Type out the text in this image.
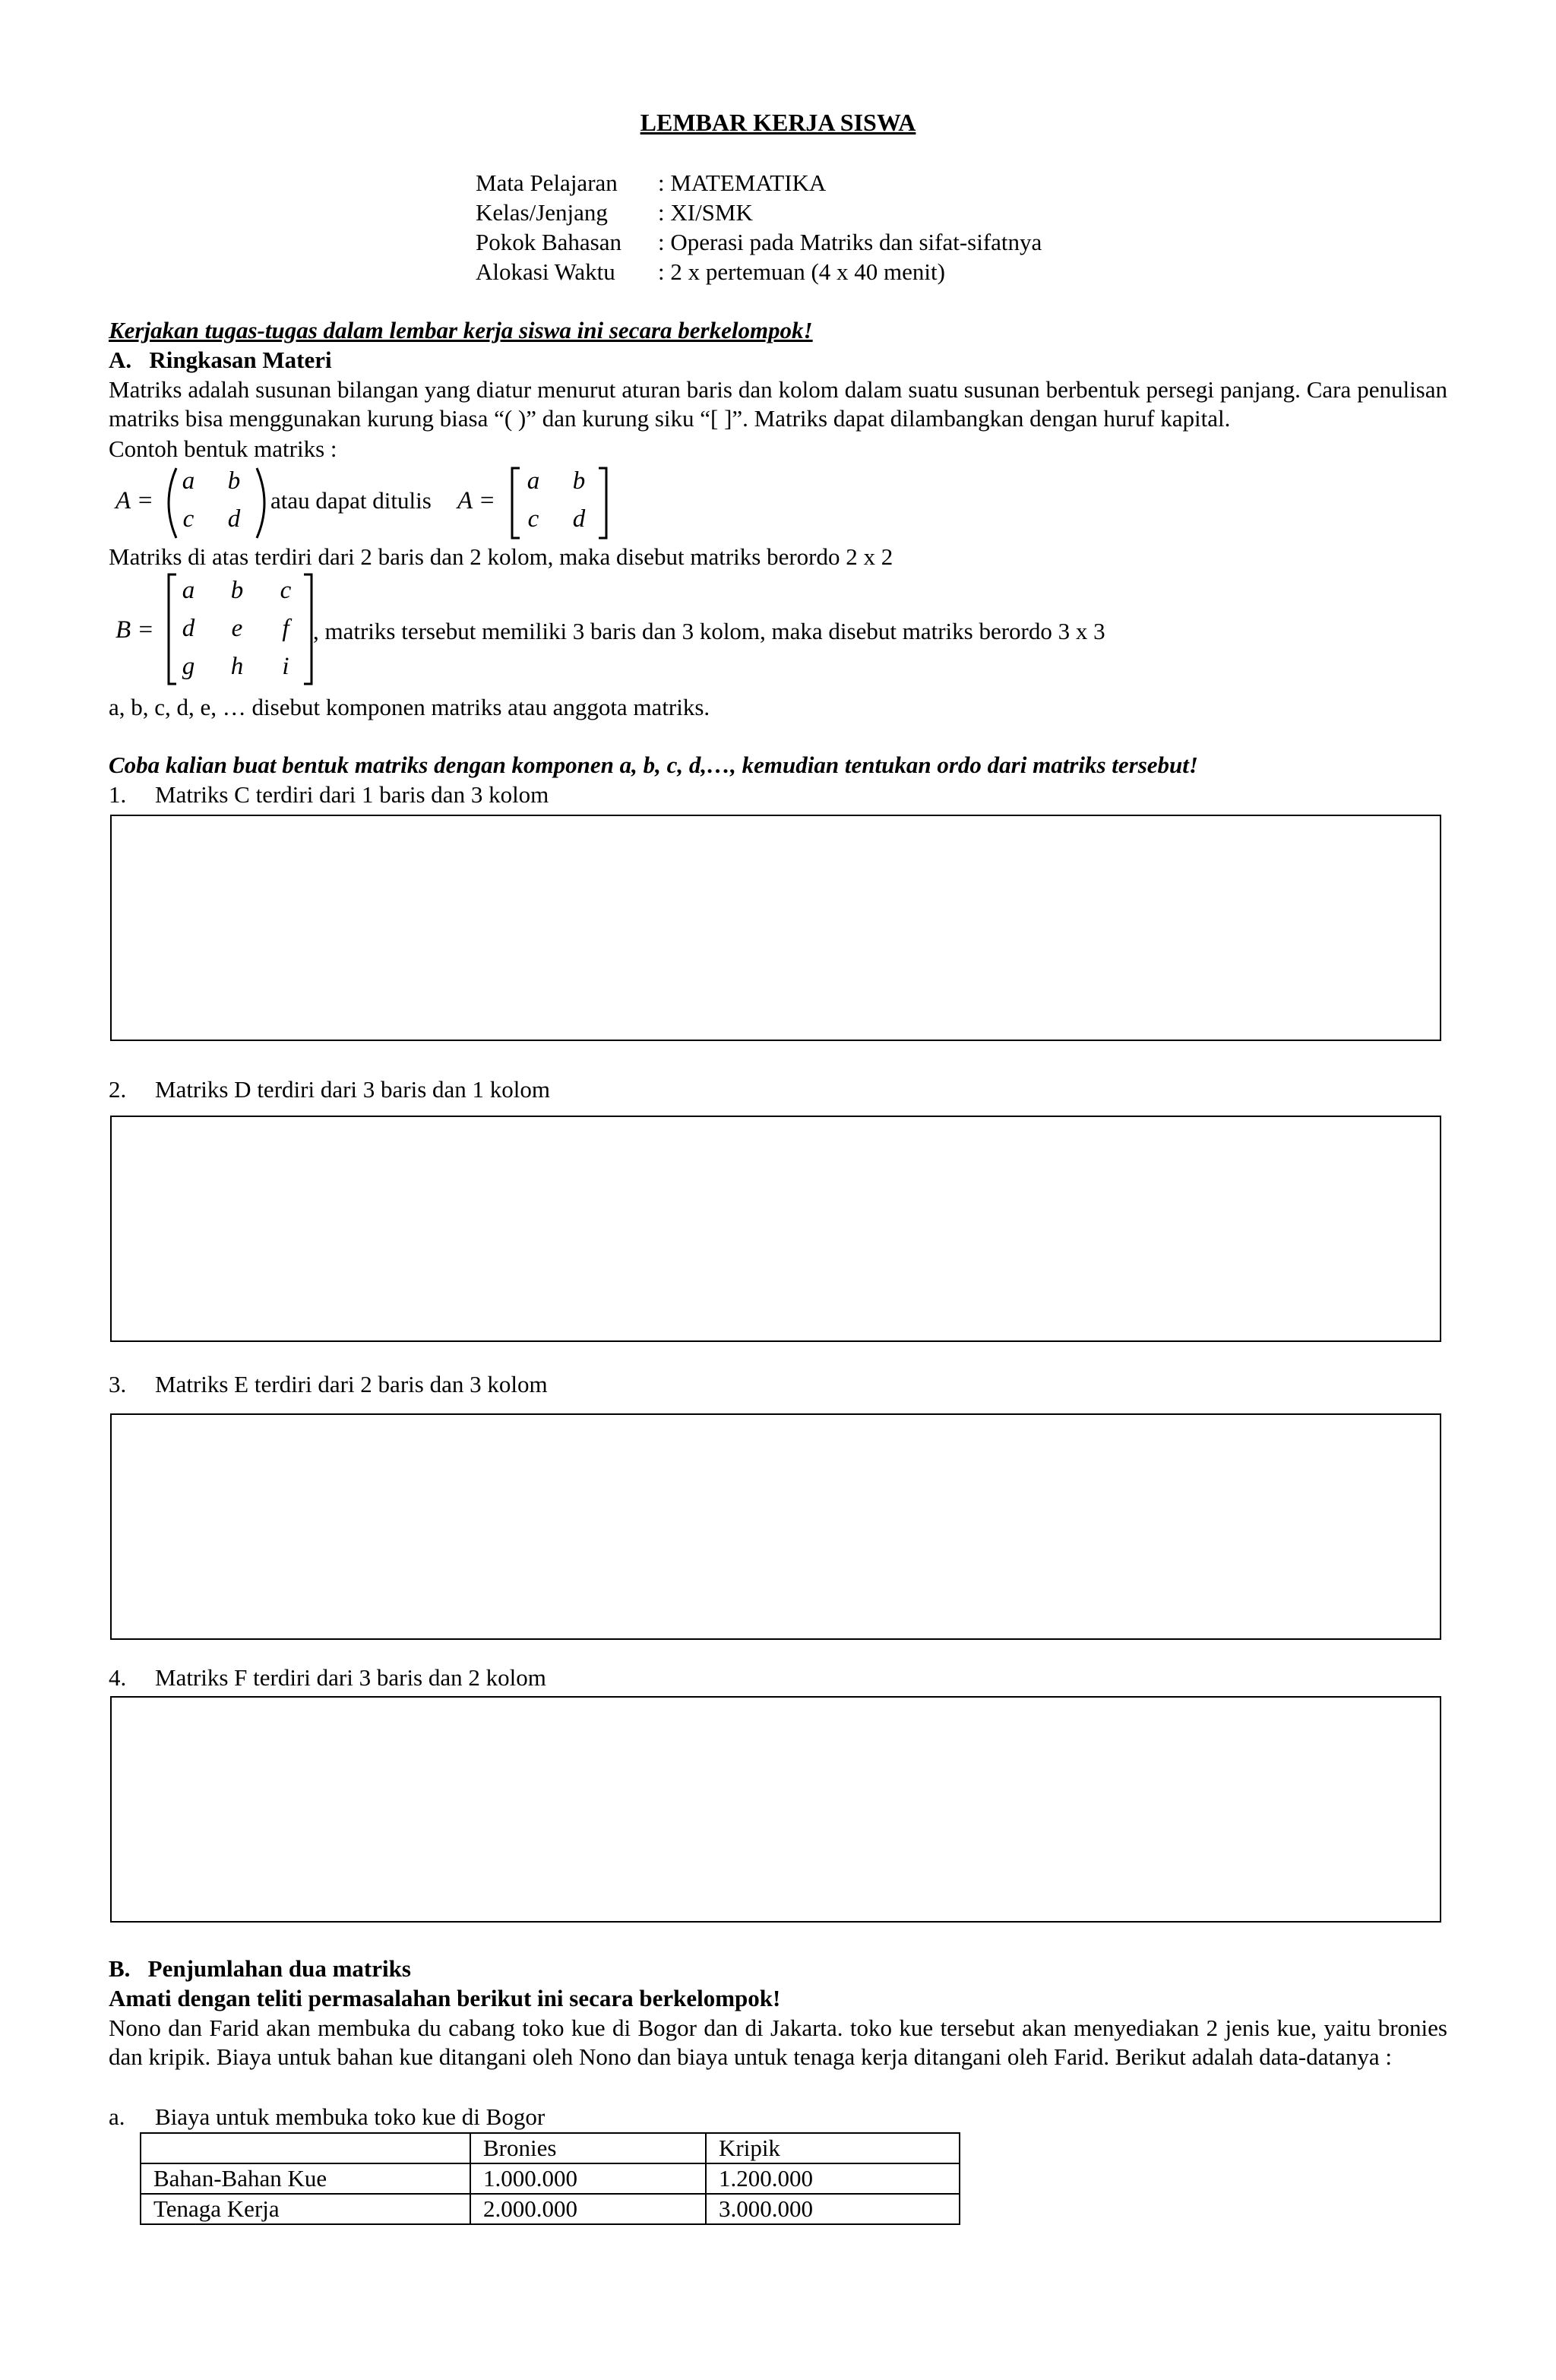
LEMBAR KERJA SISWA
Mata Pelajaran : MATEMATIKA
Kelas/Jenjang : XI/SMK
Pokok Bahasan : Operasi pada Matriks dan sifat-sifatnya
Alokasi Waktu : 2 x pertemuan (4 x 40 menit)
Kerjakan tugas-tugas dalam lembar kerja siswa ini secara berkelompok!
A.   Ringkasan Materi
Matriks adalah susunan bilangan yang diatur menurut aturan baris dan kolom dalam suatu susunan berbentuk persegi panjang. Cara penulisan matriks bisa menggunakan kurung biasa “( )” dan kurung siku “[ ]”. Matriks dapat dilambangkan dengan huruf kapital.
Contoh bentuk matriks :
A =
a	b
c	d
atau dapat ditulis A =
a	b
c	d
Matriks di atas terdiri dari 2 baris dan 2 kolom, maka disebut matriks berordo 2 x 2
B =
a	b	c
d	e	f
g	h	i
, matriks tersebut memiliki 3 baris dan 3 kolom, maka disebut matriks berordo 3 x 3
a, b, c, d, e, … disebut komponen matriks atau anggota matriks.
Coba kalian buat bentuk matriks dengan komponen a, b, c, d,…, kemudian tentukan ordo dari matriks tersebut!
1. Matriks C terdiri dari 1 baris dan 3 kolom
2. Matriks D terdiri dari 3 baris dan 1 kolom
3. Matriks E terdiri dari 2 baris dan 3 kolom
4. Matriks F terdiri dari 3 baris dan 2 kolom
B.   Penjumlahan dua matriks
Amati dengan teliti permasalahan berikut ini secara berkelompok!
Nono dan Farid akan membuka du cabang toko kue di Bogor dan di Jakarta. toko kue tersebut akan menyediakan 2 jenis kue, yaitu bronies dan kripik. Biaya untuk bahan kue ditangani oleh Nono dan biaya untuk tenaga kerja ditangani oleh Farid. Berikut adalah data-datanya :
a. Biaya untuk membuka toko kue di Bogor
	Bronies	Kripik
Bahan-Bahan Kue	1.000.000	1.200.000
Tenaga Kerja	2.000.000	3.000.000
